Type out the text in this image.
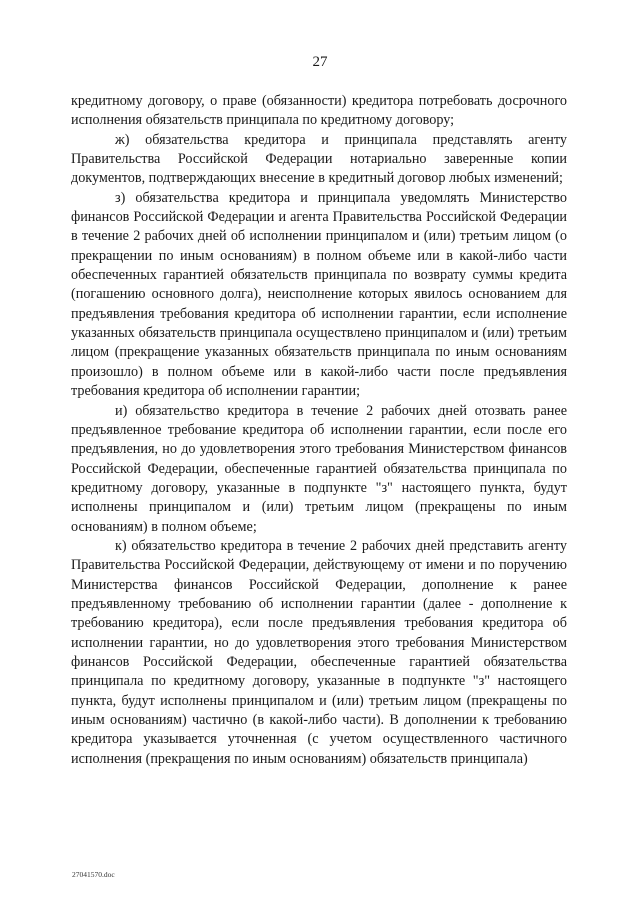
27

кредитному договору, о праве (обязанности) кредитора потребовать досрочного исполнения обязательств принципала по кредитному договору;

ж) обязательства кредитора и принципала представлять агенту Правительства Российской Федерации нотариально заверенные копии документов, подтверждающих внесение в кредитный договор любых изменений;

з) обязательства кредитора и принципала уведомлять Министерство финансов Российской Федерации и агента Правительства Российской Федерации в течение 2 рабочих дней об исполнении принципалом и (или) третьим лицом (о прекращении по иным основаниям) в полном объеме или в какой-либо части обеспеченных гарантией обязательств принципала по возврату суммы кредита (погашению основного долга), неисполнение которых явилось основанием для предъявления требования кредитора об исполнении гарантии, если исполнение указанных обязательств принципала осуществлено принципалом и (или) третьим лицом (прекращение указанных обязательств принципала по иным основаниям произошло) в полном объеме или в какой-либо части после предъявления требования кредитора об исполнении гарантии;

и) обязательство кредитора в течение 2 рабочих дней отозвать ранее предъявленное требование кредитора об исполнении гарантии, если после его предъявления, но до удовлетворения этого требования Министерством финансов Российской Федерации, обеспеченные гарантией обязательства принципала по кредитному договору, указанные в подпункте "з" настоящего пункта, будут исполнены принципалом и (или) третьим лицом (прекращены по иным основаниям) в полном объеме;

к) обязательство кредитора в течение 2 рабочих дней представить агенту Правительства Российской Федерации, действующему от имени и по поручению Министерства финансов Российской Федерации, дополнение к ранее предъявленному требованию об исполнении гарантии (далее - дополнение к требованию кредитора), если после предъявления требования кредитора об исполнении гарантии, но до удовлетворения этого требования Министерством финансов Российской Федерации, обеспеченные гарантией обязательства принципала по кредитному договору, указанные в подпункте "з" настоящего пункта, будут исполнены принципалом и (или) третьим лицом (прекращены по иным основаниям) частично (в какой-либо части). В дополнении к требованию кредитора указывается уточненная (с учетом осуществленного частичного исполнения (прекращения по иным основаниям) обязательств принципала)

27041570.doc
